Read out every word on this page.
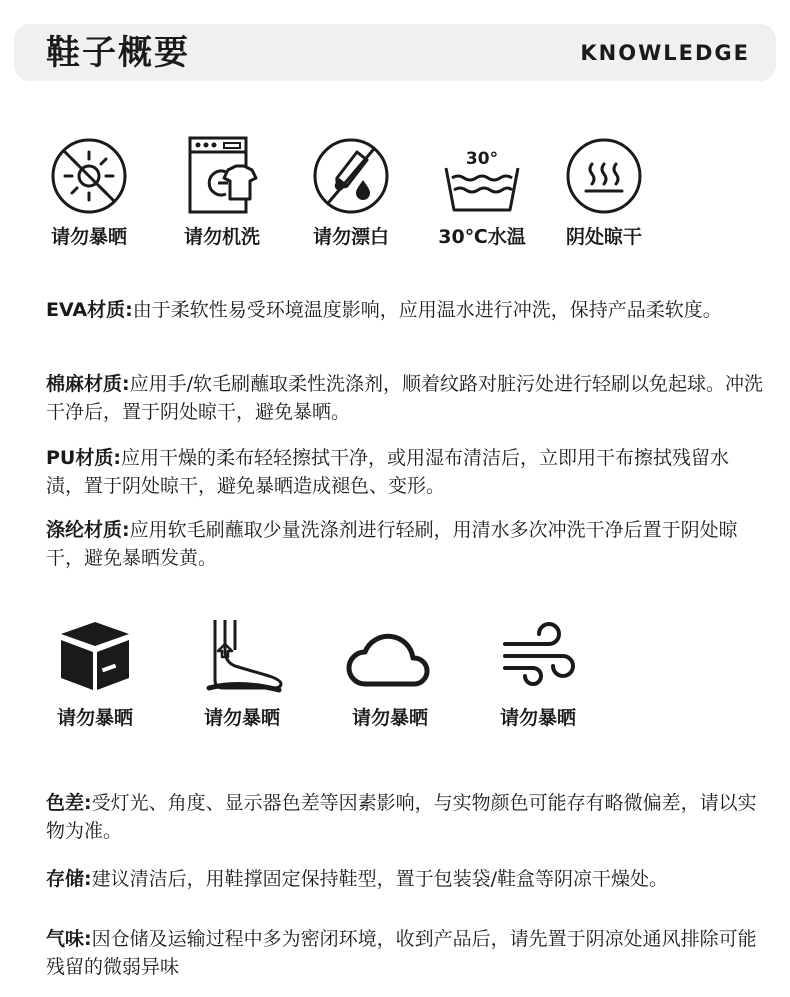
鞋子概要	KNOWLEDGE
请勿暴晒	请勿机洗	请勿漂白
30°
30℃水温	阴处晾干
EVA材质:由于柔软性易受环境温度影响，应用温水进行冲洗，保持产品柔软度。
棉麻材质:应用手/软毛刷蘸取柔性洗涤剂，顺着纹路对脏污处进行轻刷以免起球。冲洗干净后，置于阴处晾干，避免暴晒。
PU材质:应用干燥的柔布轻轻擦拭干净，或用湿布清洁后，立即用干布擦拭残留水渍，置于阴处晾干，避免暴晒造成褪色、变形。
涤纶材质:应用软毛刷蘸取少量洗涤剂进行轻刷，用清水多次冲洗干净后置于阴处晾干，避免暴晒发黄。
请勿暴晒	请勿暴晒	请勿暴晒	请勿暴晒
色差:受灯光、角度、显示器色差等因素影响，与实物颜色可能存有略微偏差，请以实物为准。
存储:建议清洁后，用鞋撑固定保持鞋型，置于包装袋/鞋盒等阴凉干燥处。
气味:因仓储及运输过程中多为密闭环境，收到产品后，请先置于阴凉处通风排除可能残留的微弱异味
